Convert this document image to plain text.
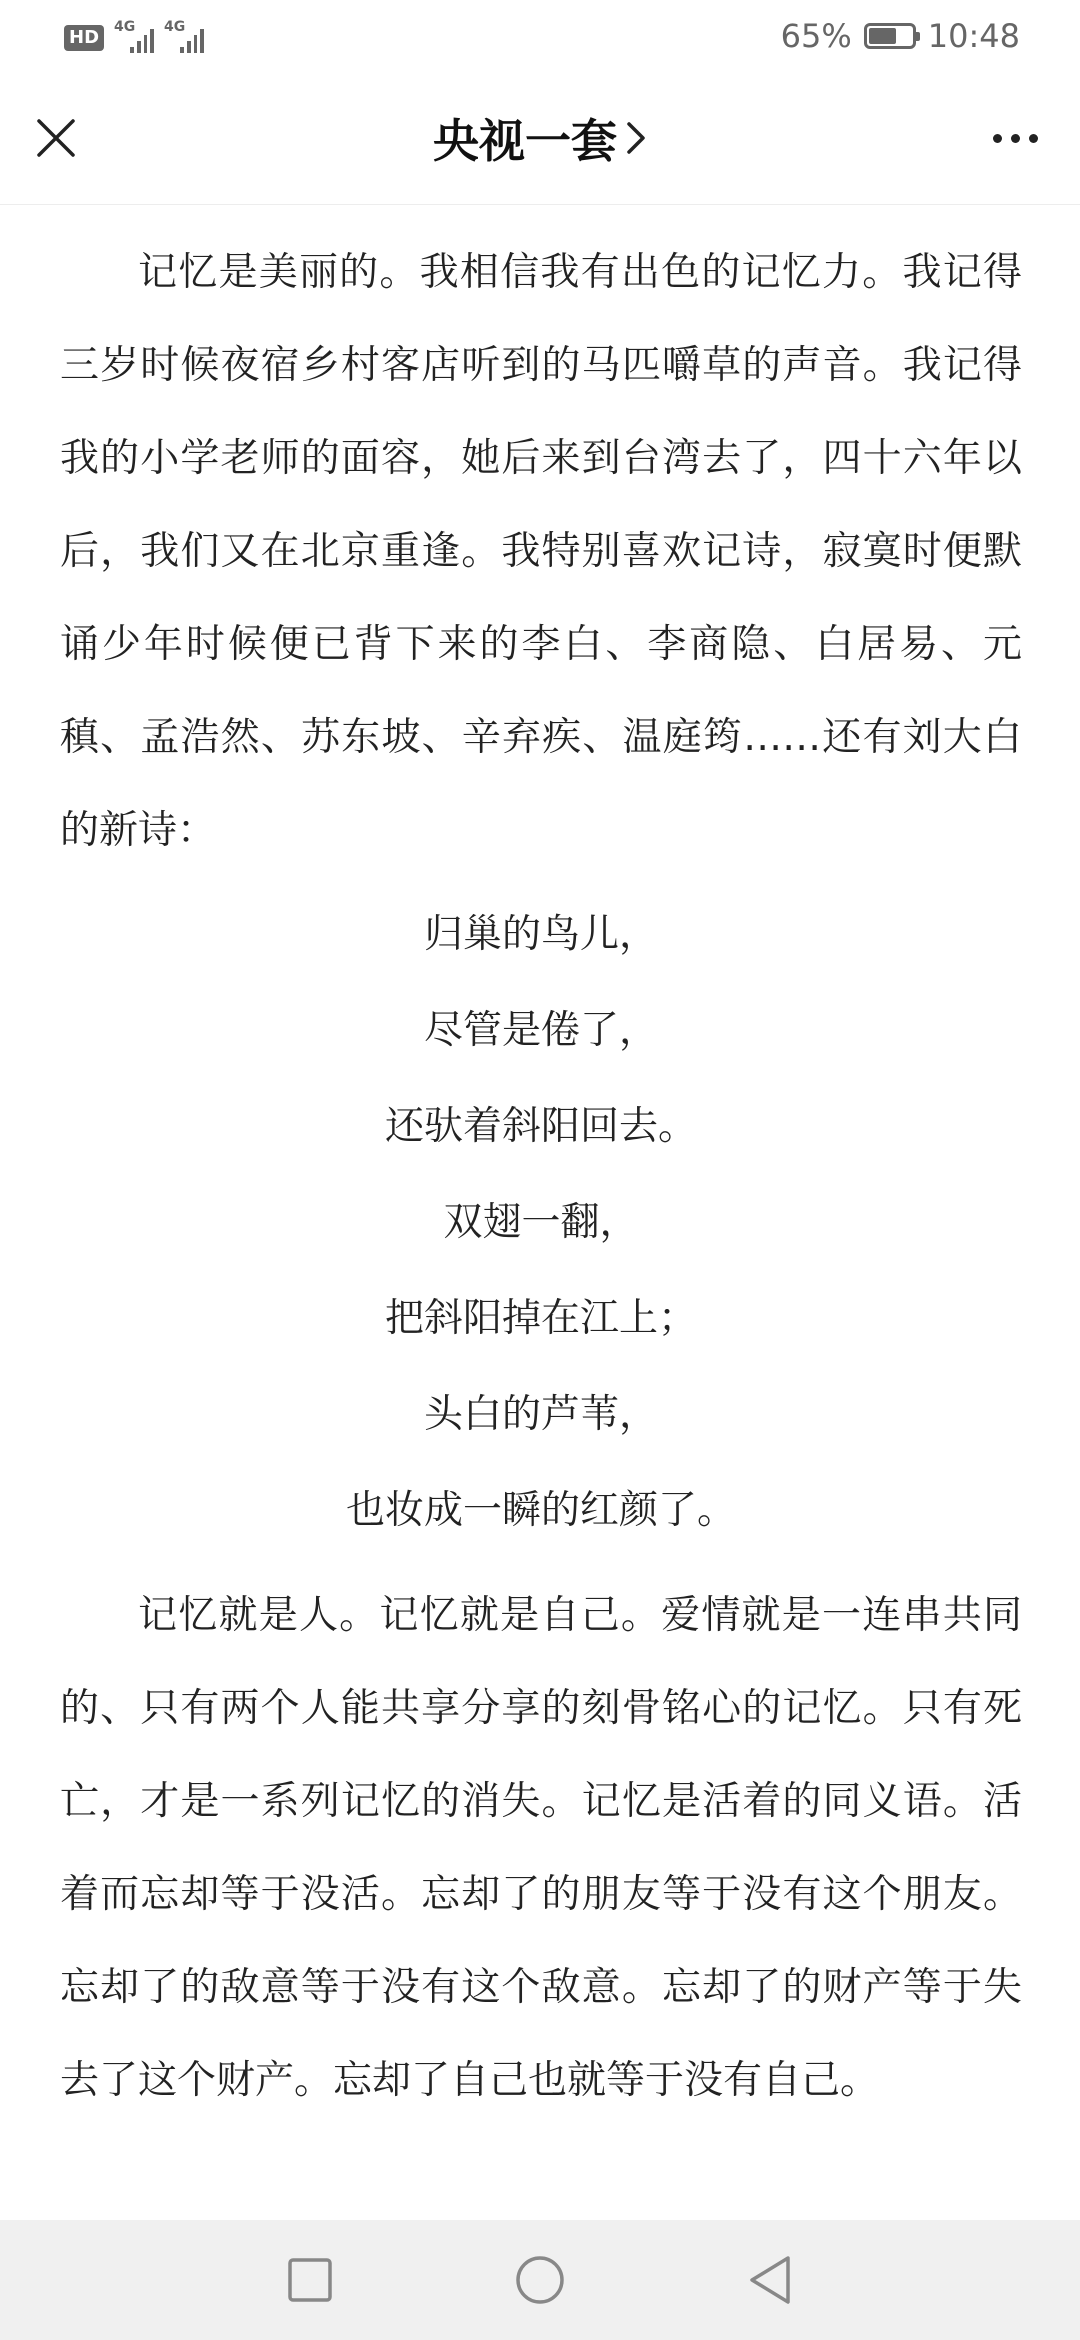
HD	4G 4G	65% 10:48
央视一套

记忆是美丽的。我相信我有出色的记忆力。我记得三岁时候夜宿乡村客店听到的马匹嚼草的声音。我记得我的小学老师的面容，她后来到台湾去了，四十六年以后，我们又在北京重逢。我特别喜欢记诗，寂寞时便默诵少年时候便已背下来的李白、李商隐、白居易、元稹、孟浩然、苏东坡、辛弃疾、温庭筠……还有刘大白的新诗：

归巢的鸟儿，
尽管是倦了，
还驮着斜阳回去。
双翅一翻，
把斜阳掉在江上；
头白的芦苇，
也妆成一瞬的红颜了。

记忆就是人。记忆就是自己。爱情就是一连串共同的、只有两个人能共享分享的刻骨铭心的记忆。只有死亡，才是一系列记忆的消失。记忆是活着的同义语。活着而忘却等于没活。忘却了的朋友等于没有这个朋友。忘却了的敌意等于没有这个敌意。忘却了的财产等于失去了这个财产。忘却了自己也就等于没有自己。
